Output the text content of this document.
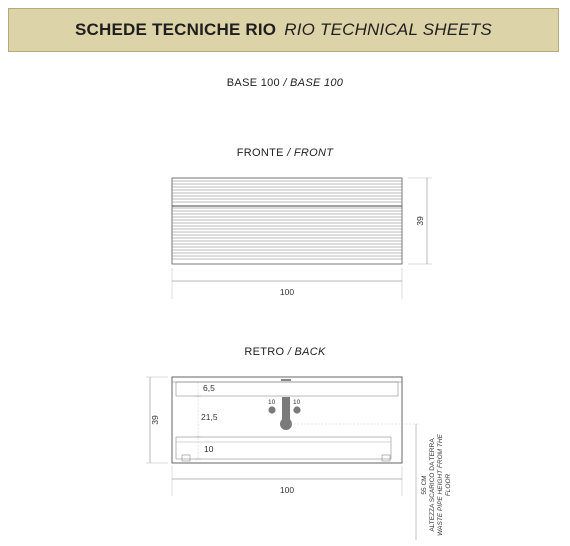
SCHEDE TECNICHE RIO RIO TECHNICAL SHEETS
BASE 100 / BASE 100
FRONTE / FRONT
RETRO / BACK
39
100
10	10
6,5
21,5
10
39
100	55 CM ALTEZZA SCARICO DA TERRA WASTE PIPE HEIGHT FROM THE FLOOR
